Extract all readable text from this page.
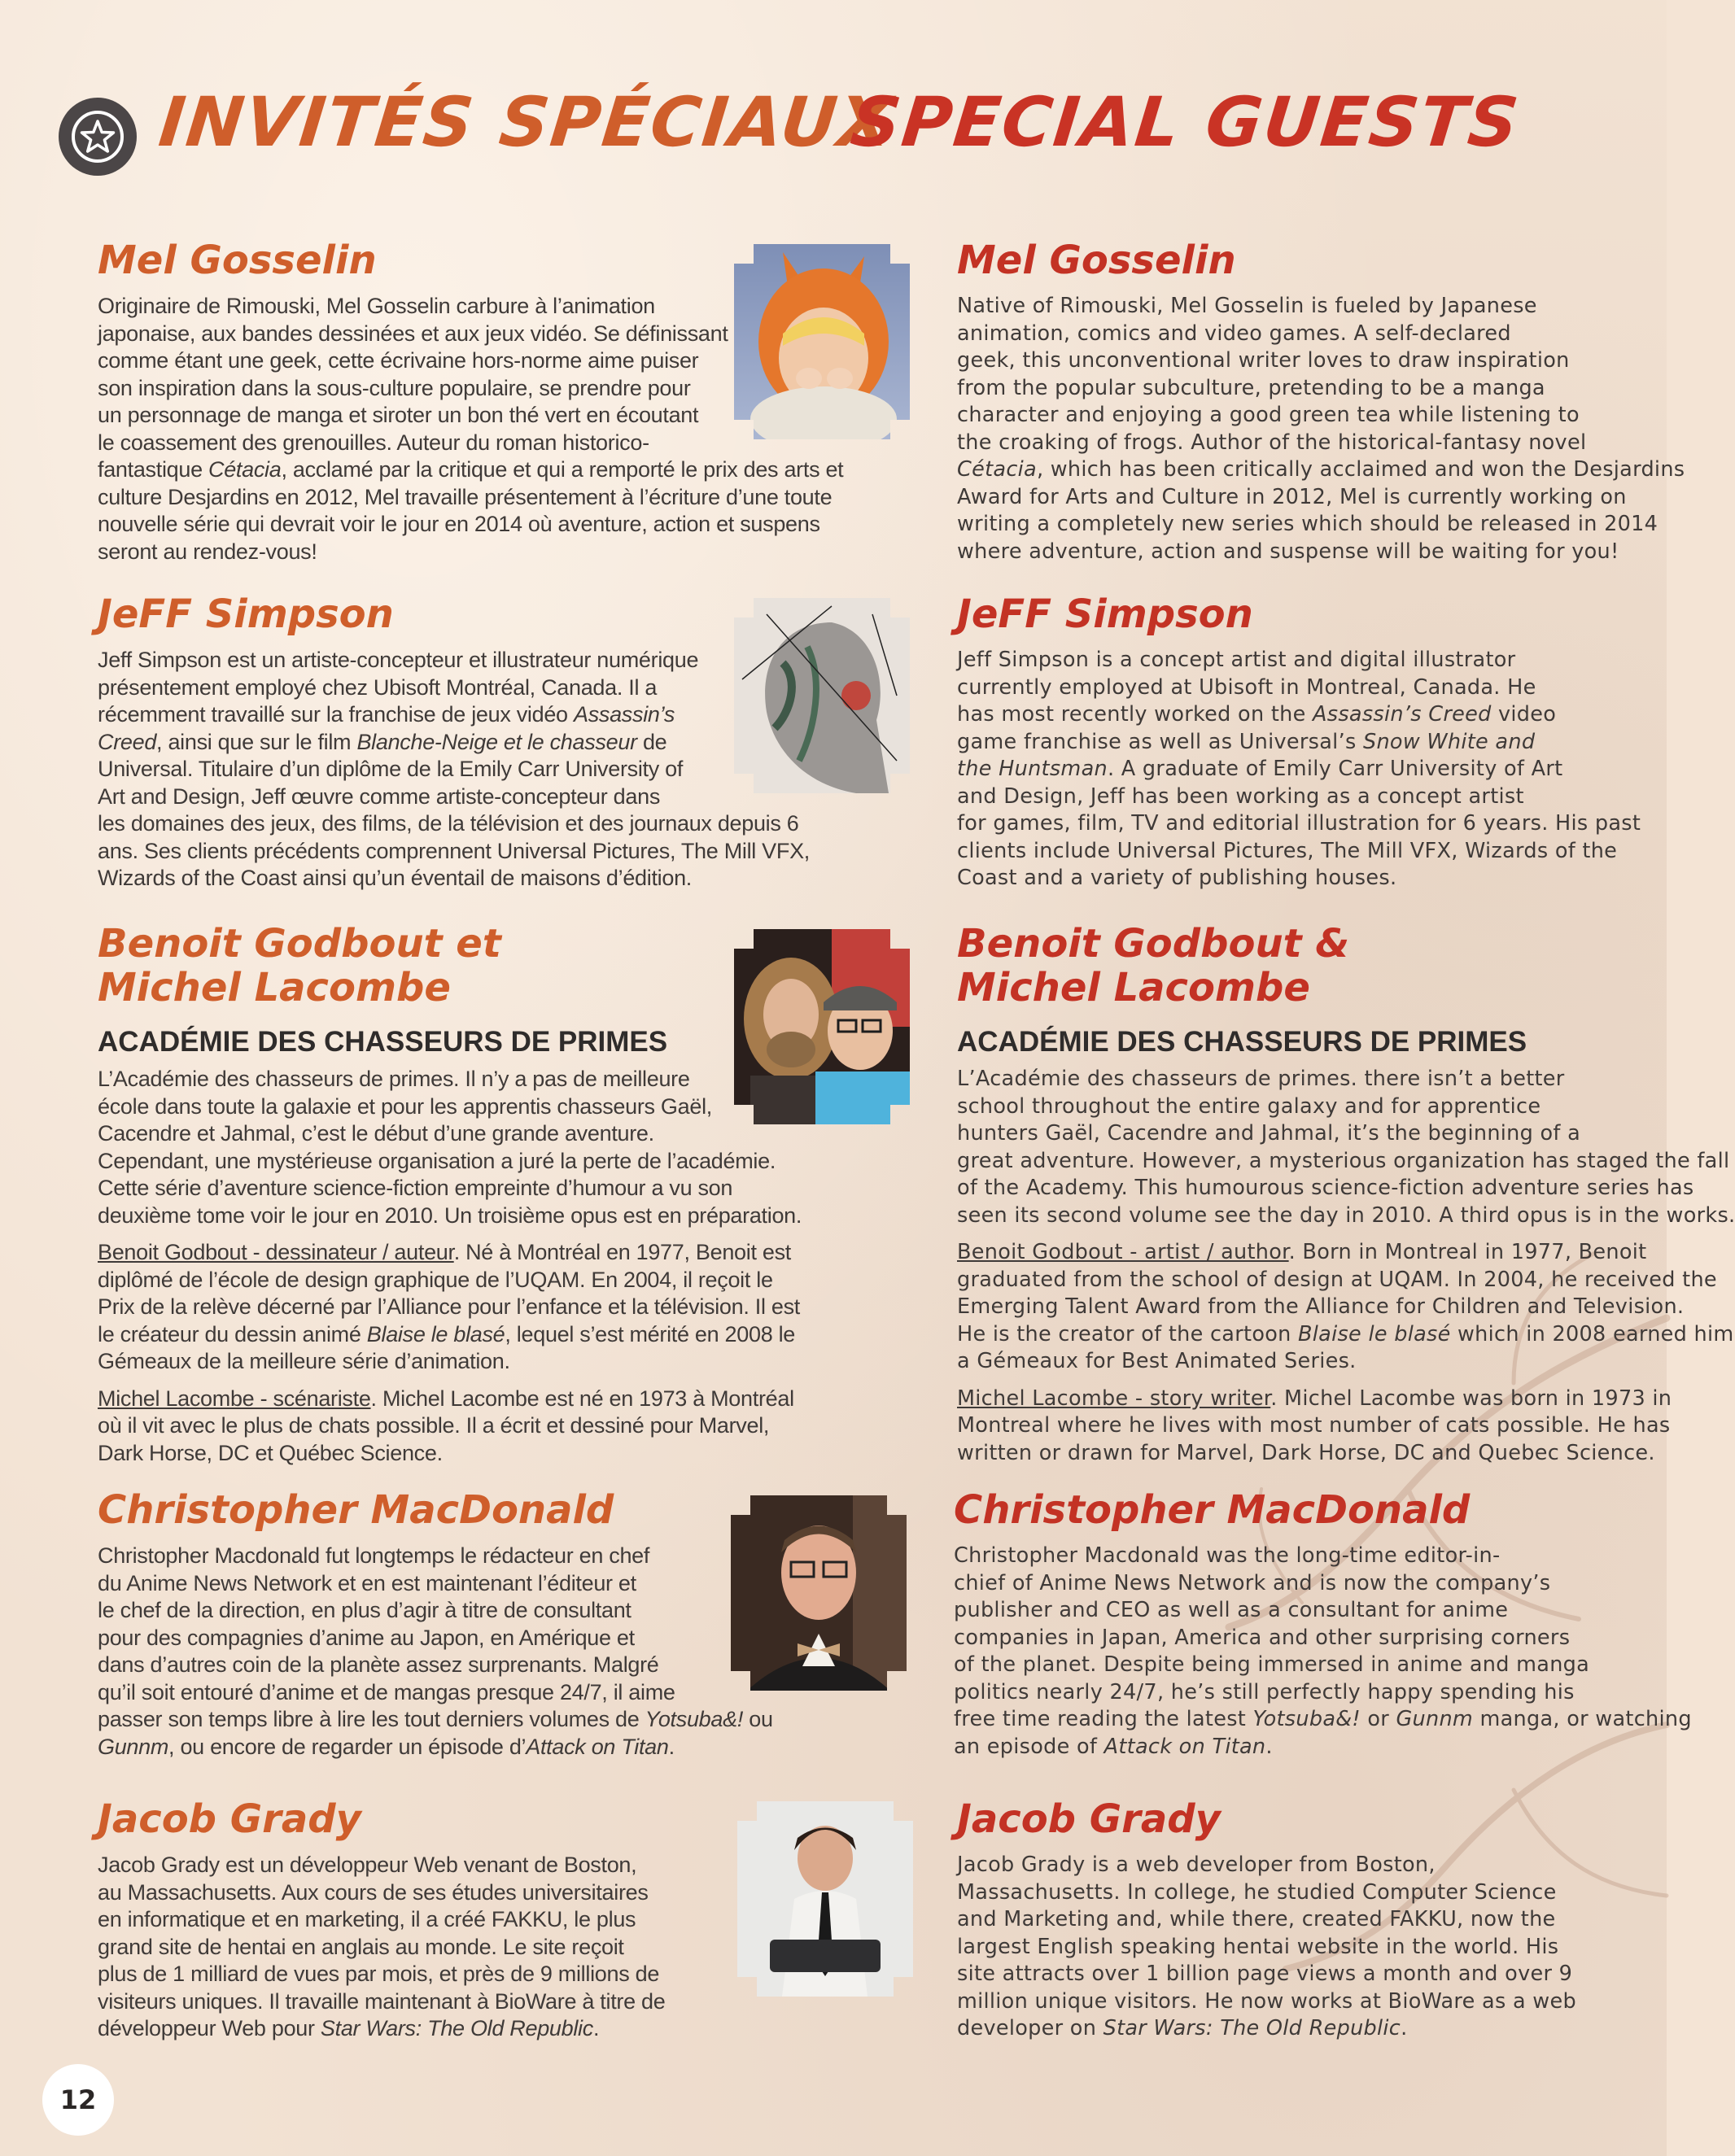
INVITÉS SPÉCIAUX
SPECIAL GUESTS
Mel Gosselin	Mel Gosselin
Originaire de Rimouski, Mel Gosselin carbure à l’animation
japonaise, aux bandes dessinées et aux jeux vidéo. Se définissant
comme étant une geek, cette écrivaine hors-norme aime puiser
son inspiration dans la sous-culture populaire, se prendre pour
un personnage de manga et siroter un bon thé vert en écoutant
le coassement des grenouilles. Auteur du roman historico-
fantastique Cétacia, acclamé par la critique et qui a remporté le prix des arts et
culture Desjardins en 2012, Mel travaille présentement à l’écriture d’une toute
nouvelle série qui devrait voir le jour en 2014 où aventure, action et suspens
seront au rendez-vous!
Native of Rimouski, Mel Gosselin is fueled by Japanese
animation, comics and video games. A self-declared
geek, this unconventional writer loves to draw inspiration
from the popular subculture, pretending to be a manga
character and enjoying a good green tea while listening to
the croaking of frogs. Author of the historical-fantasy novel
Cétacia, which has been critically acclaimed and won the Desjardins
Award for Arts and Culture in 2012, Mel is currently working on
writing a completely new series which should be released in 2014
where adventure, action and suspense will be waiting for you!
JeFF Simpson	JeFF Simpson
Jeff Simpson est un artiste-concepteur et illustrateur numérique
présentement employé chez Ubisoft Montréal, Canada. Il a
récemment travaillé sur la franchise de jeux vidéo Assassin’s
Creed, ainsi que sur le film Blanche-Neige et le chasseur de
Universal. Titulaire d’un diplôme de la Emily Carr University of
Art and Design, Jeff œuvre comme artiste-concepteur dans
les domaines des jeux, des films, de la télévision et des journaux depuis 6
ans. Ses clients précédents comprennent Universal Pictures, The Mill VFX,
Wizards of the Coast ainsi qu’un éventail de maisons d’édition.
Jeff Simpson is a concept artist and digital illustrator
currently employed at Ubisoft in Montreal, Canada. He
has most recently worked on the Assassin’s Creed video
game franchise as well as Universal’s Snow White and
the Huntsman. A graduate of Emily Carr University of Art
and Design, Jeff has been working as a concept artist
for games, film, TV and editorial illustration for 6 years. His past
clients include Universal Pictures, The Mill VFX, Wizards of the
Coast and a variety of publishing houses.
Benoit Godbout et
Michel Lacombe
Benoit Godbout &
Michel Lacombe
ACADÉMIE DES CHASSEURS DE PRIMES	ACADÉMIE DES CHASSEURS DE PRIMES
L’Académie des chasseurs de primes. Il n’y a pas de meilleure
école dans toute la galaxie et pour les apprentis chasseurs Gaël,
Cacendre et Jahmal, c’est le début d’une grande aventure.
Cependant, une mystérieuse organisation a juré la perte de l’académie.
Cette série d’aventure science-fiction empreinte d’humour a vu son
deuxième tome voir le jour en 2010. Un troisième opus est en préparation.
Benoit Godbout - dessinateur / auteur. Né à Montréal en 1977, Benoit est
diplômé de l’école de design graphique de l’UQAM. En 2004, il reçoit le
Prix de la relève décerné par l’Alliance pour l’enfance et la télévision. Il est
le créateur du dessin animé Blaise le blasé, lequel s’est mérité en 2008 le
Gémeaux de la meilleure série d’animation.
Michel Lacombe - scénariste. Michel Lacombe est né en 1973 à Montréal
où il vit avec le plus de chats possible. Il a écrit et dessiné pour Marvel,
Dark Horse, DC et Québec Science.
L’Académie des chasseurs de primes. there isn’t a better
school throughout the entire galaxy and for apprentice
hunters Gaël, Cacendre and Jahmal, it’s the beginning of a
great adventure. However, a mysterious organization has staged the fall
of the Academy. This humourous science-fiction adventure series has
seen its second volume see the day in 2010. A third opus is in the works.
Benoit Godbout - artist / author. Born in Montreal in 1977, Benoit
graduated from the school of design at UQAM. In 2004, he received the
Emerging Talent Award from the Alliance for Children and Television.
He is the creator of the cartoon Blaise le blasé which in 2008 earned him
a Gémeaux for Best Animated Series.
Michel Lacombe - story writer. Michel Lacombe was born in 1973 in
Montreal where he lives with most number of cats possible. He has
written or drawn for Marvel, Dark Horse, DC and Quebec Science.
Christopher MacDonald	Christopher MacDonald
Christopher Macdonald fut longtemps le rédacteur en chef
du Anime News Network et en est maintenant l’éditeur et
le chef de la direction, en plus d’agir à titre de consultant
pour des compagnies d’anime au Japon, en Amérique et
dans d’autres coin de la planète assez surprenants. Malgré
qu’il soit entouré d’anime et de mangas presque 24/7, il aime
passer son temps libre à lire les tout derniers volumes de Yotsuba&! ou
Gunnm, ou encore de regarder un épisode d’Attack on Titan.
Christopher Macdonald was the long-time editor-in-
chief of Anime News Network and is now the company’s
publisher and CEO as well as a consultant for anime
companies in Japan, America and other surprising corners
of the planet. Despite being immersed in anime and manga
politics nearly 24/7, he’s still perfectly happy spending his
free time reading the latest Yotsuba&! or Gunnm manga, or watching
an episode of Attack on Titan.
Jacob Grady	Jacob Grady
Jacob Grady est un développeur Web venant de Boston,
au Massachusetts. Aux cours de ses études universitaires
en informatique et en marketing, il a créé FAKKU, le plus
grand site de hentai en anglais au monde. Le site reçoit
plus de 1 milliard de vues par mois, et près de 9 millions de
visiteurs uniques. Il travaille maintenant à BioWare à titre de
développeur Web pour Star Wars: The Old Republic.
Jacob Grady is a web developer from Boston,
Massachusetts. In college, he studied Computer Science
and Marketing and, while there, created FAKKU, now the
largest English speaking hentai website in the world. His
site attracts over 1 billion page views a month and over 9
million unique visitors. He now works at BioWare as a web
developer on Star Wars: The Old Republic.
12
